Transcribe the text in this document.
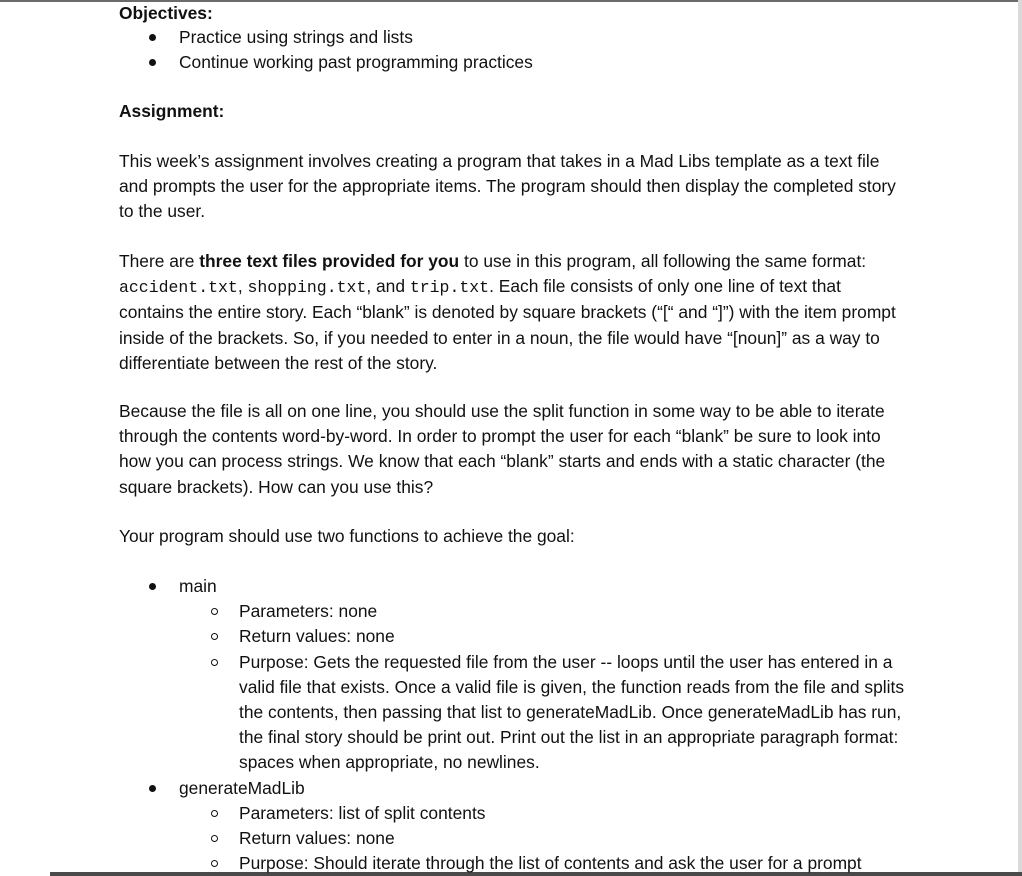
Objectives:

Practice using strings and lists
Continue working past programming practices

Assignment:

This week’s assignment involves creating a program that takes in a Mad Libs template as a text file and prompts the user for the appropriate items. The program should then display the completed story to the user.

There are three text files provided for you to use in this program, all following the same format: accident.txt, shopping.txt, and trip.txt. Each file consists of only one line of text that contains the entire story. Each “blank” is denoted by square brackets (“[“ and “]”) with the item prompt inside of the brackets. So, if you needed to enter in a noun, the file would have “[noun]” as a way to differentiate between the rest of the story.

Because the file is all on one line, you should use the split function in some way to be able to iterate through the contents word-by-word. In order to prompt the user for each “blank” be sure to look into how you can process strings. We know that each “blank” starts and ends with a static character (the square brackets). How can you use this?

Your program should use two functions to achieve the goal:

main
Parameters: none
Return values: none
Purpose: Gets the requested file from the user -- loops until the user has entered in a valid file that exists. Once a valid file is given, the function reads from the file and splits the contents, then passing that list to generateMadLib. Once generateMadLib has run, the final story should be print out. Print out the list in an appropriate paragraph format: spaces when appropriate, no newlines.
generateMadLib
Parameters: list of split contents
Return values: none
Purpose: Should iterate through the list of contents and ask the user for a prompt
